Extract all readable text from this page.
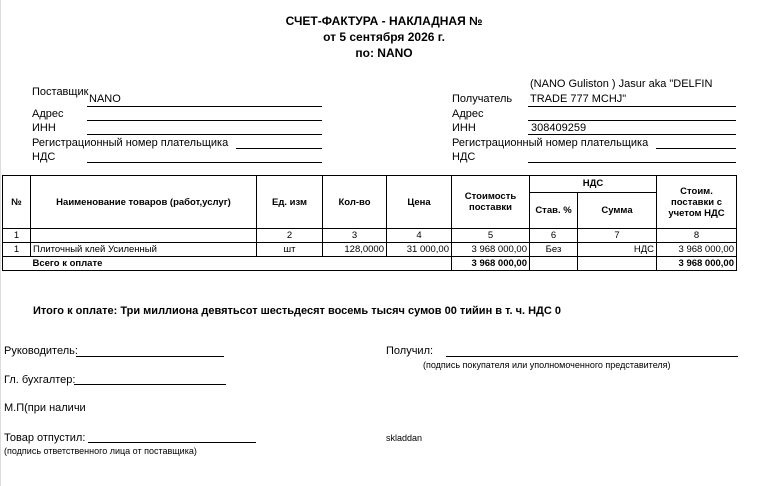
СЧЕТ-ФАКТУРА - НАКЛАДНАЯ №
от 5 сентября 2026 г.
по: NANO
Поставщик
NANO
Адрес
ИНН
Регистрационный номер плательщика
НДС
(NANO Guliston ) Jasur aka "DELFIN
Получатель TRADE 777 MCHJ"
Адрес
ИНН	308409259
Регистрационный номер плательщика
НДС
№	Наименование товаров (работ,услуг)	Ед. изм	Кол-во	Цена	Стоимость поставки	НДС		Стоим. поставки с учетом НДС
						Став. %	Сумма	
1		2	3	4	5	6	7	8
1	Плиточный клей Усиленный	шт	128,0000	31 000,00	3 968 000,00	Без	НДС	3 968 000,00
	Всего к оплате				3 968 000,00			3 968 000,00
Итого к оплате: Три миллиона девятьсот шестьдесят восемь тысяч сумов 00 тийин в т. ч. НДС 0
Руководитель:
Гл. бухгалтер:
М.П(при наличи
Товар отпустил:
(подпись ответственного лица от поставщика)
Получил:
(подпись покупателя или уполномоченного представителя)
skladdan
